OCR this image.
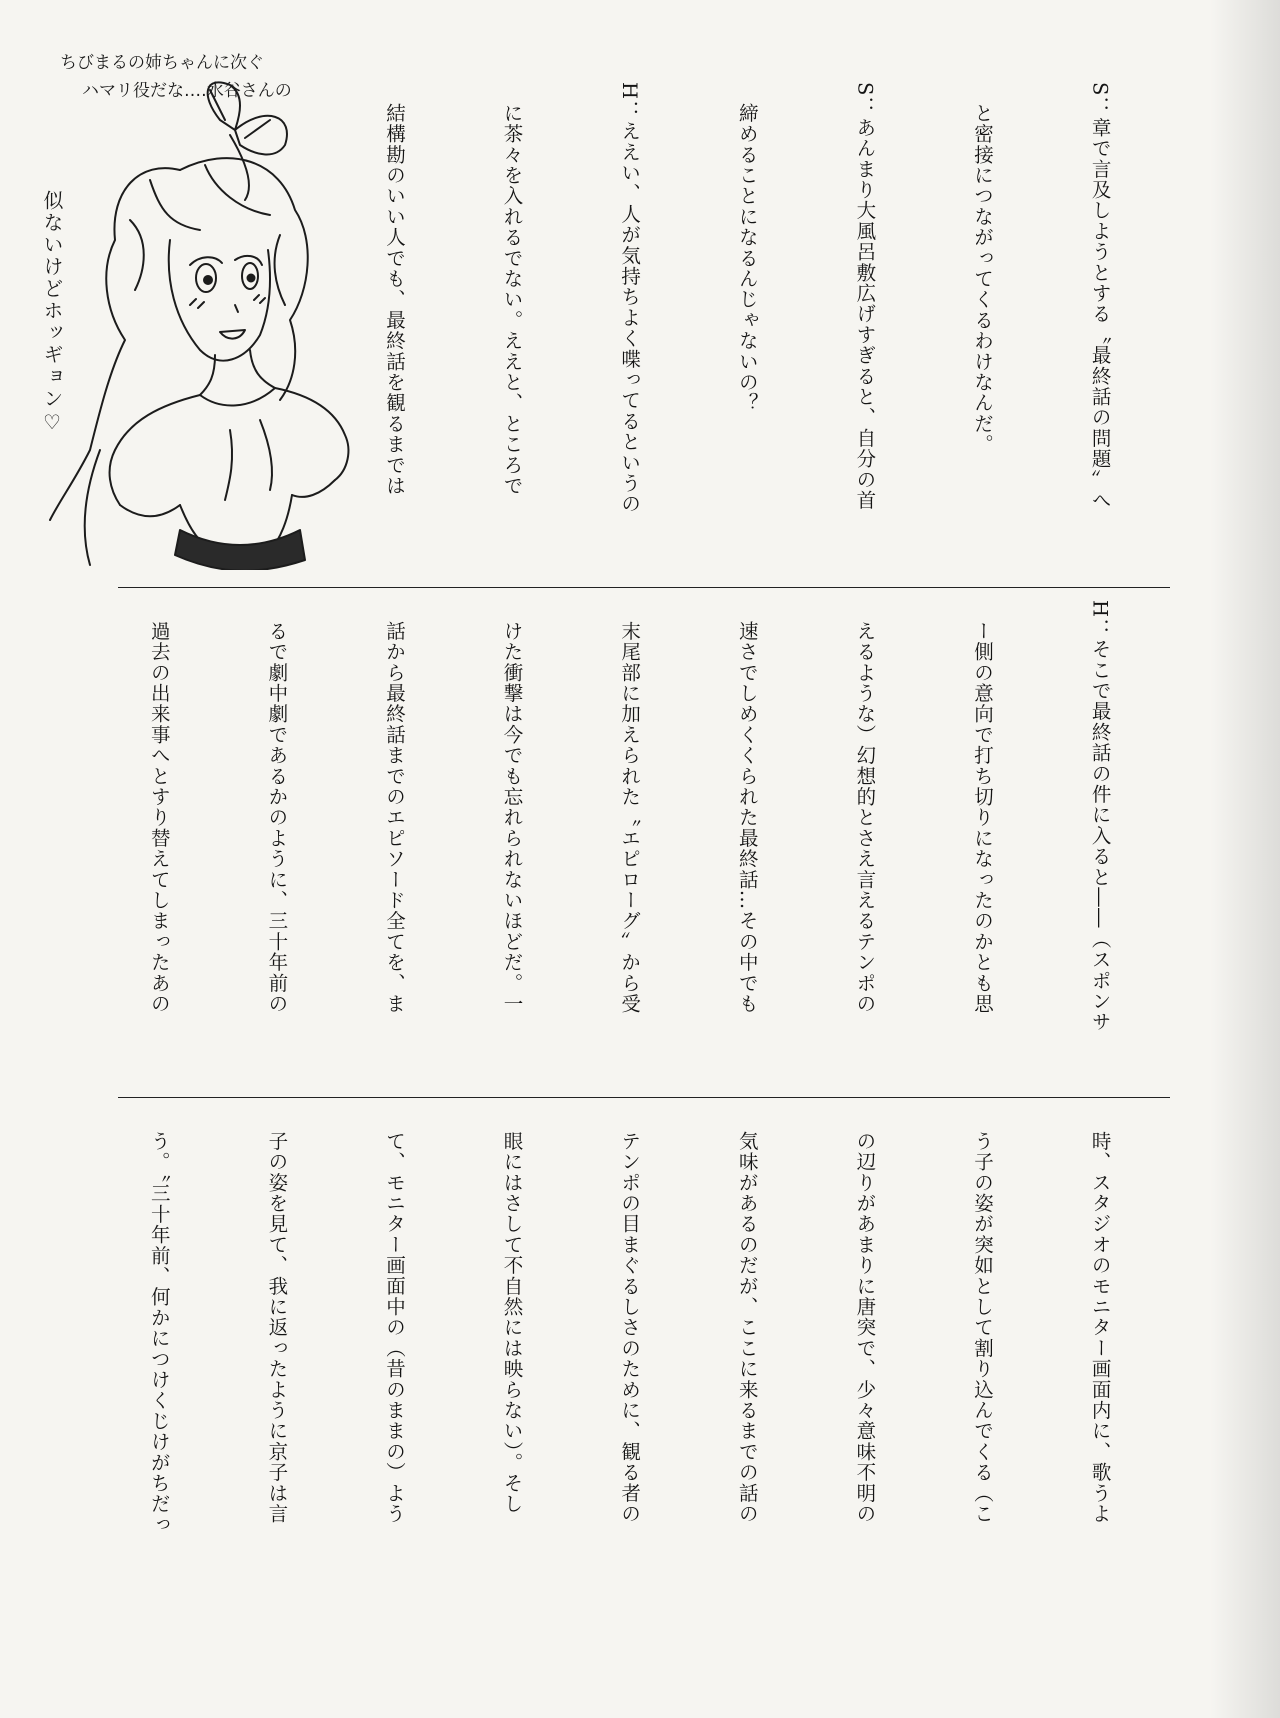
ちびまるの姉ちゃんに次ぐ
ハマリ役だな‥‥水谷さんの
似ないけどホッギョン♡

	S：章で言及しようとする〝最終話の問題〟へ

　と密接につながってくるわけなんだ。

S：あんまり大風呂敷広げすぎると、自分の首

　締めることになるんじゃないの？

H：ええい、人が気持ちよく喋ってるというの

　に茶々を入れるでない。ええと、ところで

　結構勘のいい人でも、最終話を観るまでは

H：そこで最終話の件に入ると――（スポンサ

　ー側の意向で打ち切りになったのかとも思

　えるような）幻想的とさえ言えるテンポの

　速さでしめくくられた最終話…その中でも

　末尾部に加えられた〝エピローグ〟から受

　けた衝撃は今でも忘れられないほどだ。一

　話から最終話までのエピソード全てを、ま

　るで劇中劇であるかのように、三十年前の

　過去の出来事へとすり替えてしまったあの

　時、スタジオのモニター画面内に、歌うよ

　う子の姿が突如として割り込んでくる（こ

　の辺りがあまりに唐突で、少々意味不明の

　気味があるのだが、ここに来るまでの話の

　テンポの目まぐるしさのために、観る者の

　眼にはさして不自然には映らない）。そし

　て、モニター画面中の（昔のままの）よう

　子の姿を見て、我に返ったように京子は言

　う。〝三十年前、何かにつけくじけがちだっ
